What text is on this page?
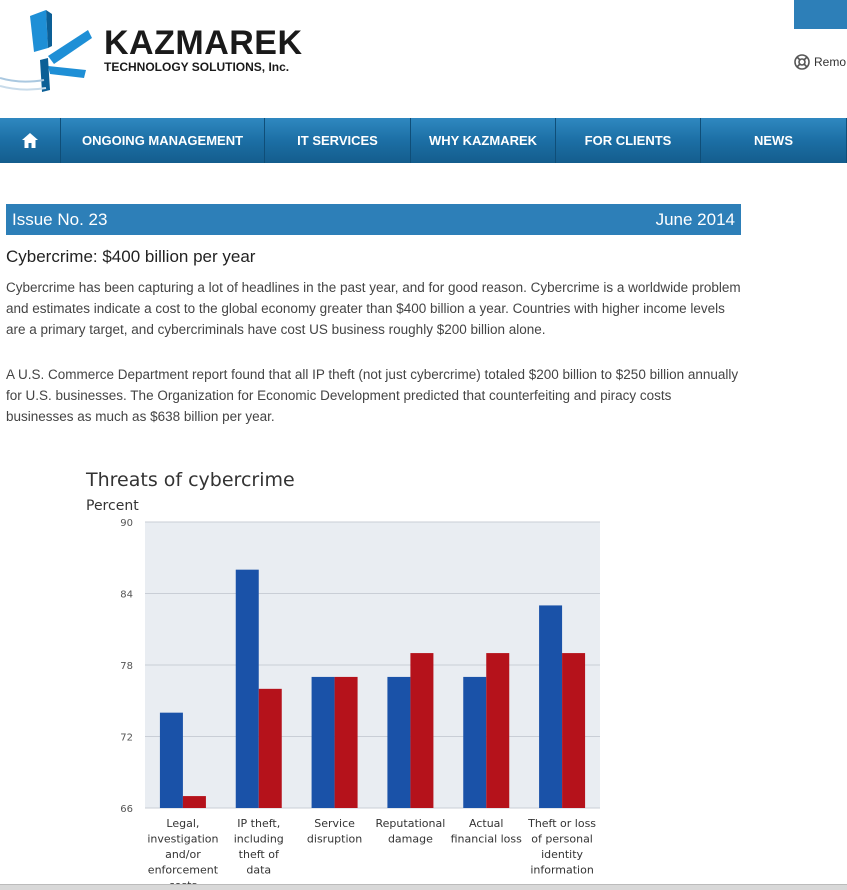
KAZMAREK
TECHNOLOGY SOLUTIONS, Inc.	Remo
ONGOING MANAGEMENT	IT SERVICES	WHY KAZMAREK	FOR CLIENTS	NEWS
Issue No. 23	June 2014
Cybercrime: $400 billion per year
Cybercrime has been capturing a lot of headlines in the past year, and for good reason. Cybercrime is a worldwide problem and estimates indicate a cost to the global economy greater than $400 billion a year. Countries with higher income levels are a primary target, and cybercriminals have cost US business roughly $200 billion alone.
A U.S. Commerce Department report found that all IP theft (not just cybercrime) totaled $200 billion to $250 billion annually for U.S. businesses. The Organization for Economic Development predicted that counterfeiting and piracy costs businesses as much as $638 billion per year.
Threats of cybercrime
Percent
66
72
78
84
90
Legal,
investigation
and/or
enforcement
IP theft,
including
theft of
data
Service
disruption
Reputational
damage
Actual
financial loss
Theft or loss
of personal
identity
information
